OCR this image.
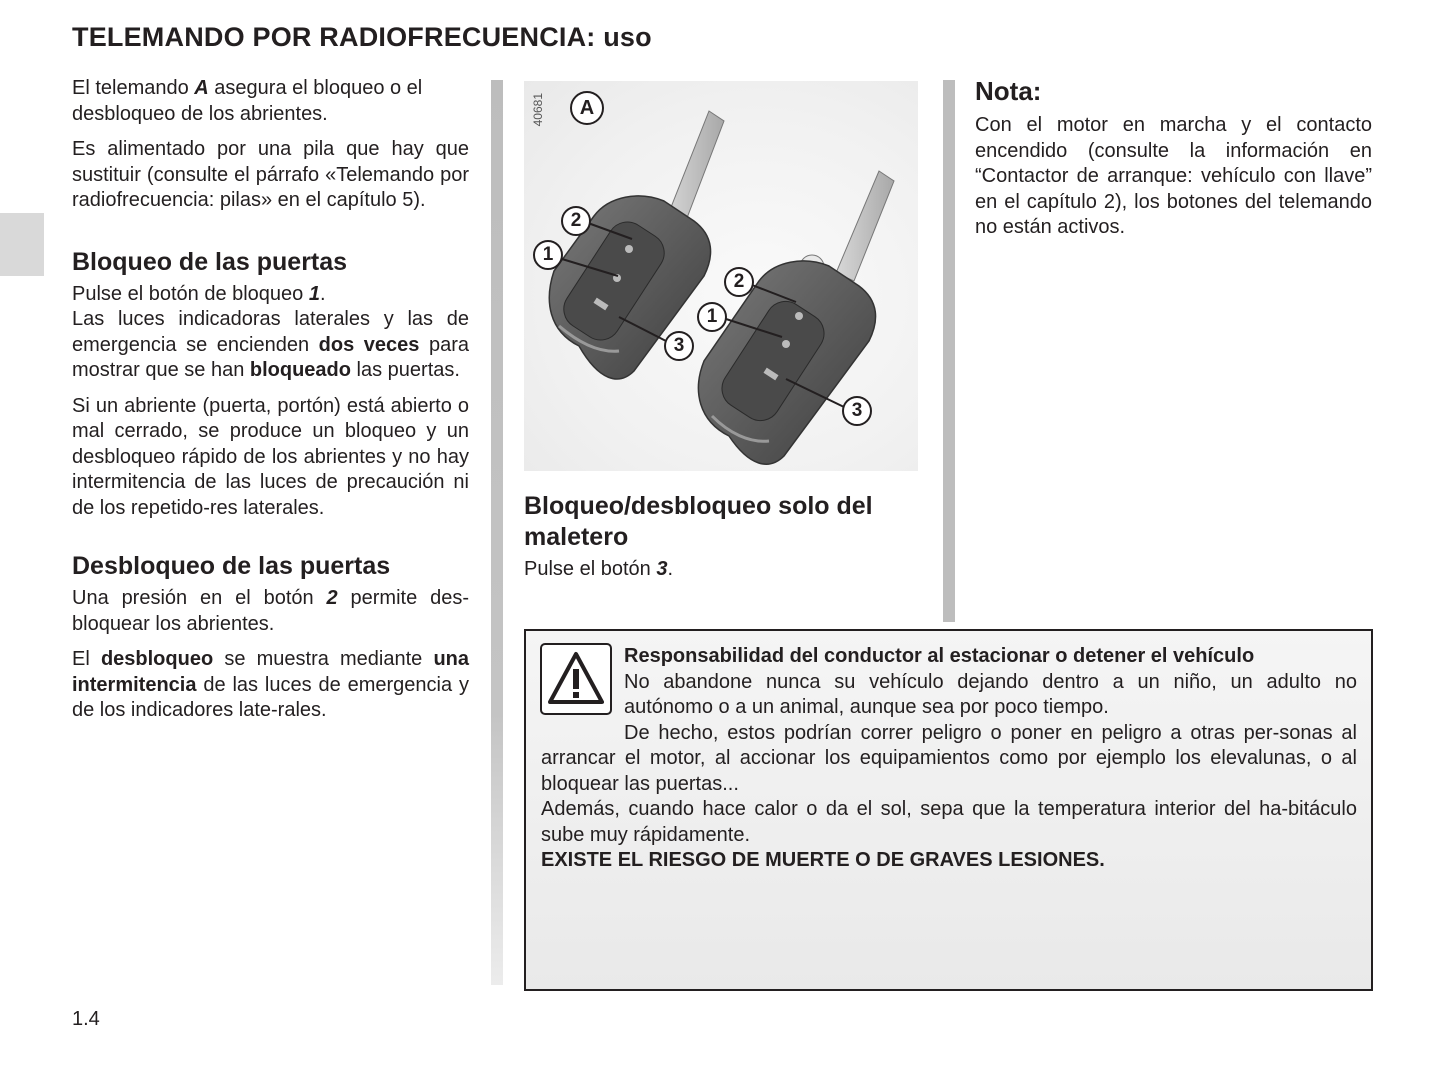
TELEMANDO POR RADIOFRECUENCIA: uso

El telemando A asegura el bloqueo o el desbloqueo de los abrientes.

Es alimentado por una pila que hay que sustituir (consulte el párrafo «Telemando por radiofrecuencia: pilas» en el capítulo 5).

Bloqueo de las puertas

Pulse el botón de bloqueo 1.

Las luces indicadoras laterales y las de emergencia se encienden dos veces para mostrar que se han bloqueado las puertas.

Si un abriente (puerta, portón) está abierto o mal cerrado, se produce un bloqueo y un desbloqueo rápido de los abrientes y no hay intermitencia de las luces de precaución ni de los repetido-res laterales.

Desbloqueo de las puertas

Una presión en el botón 2 permite des-bloquear los abrientes.

El desbloqueo se muestra mediante una intermitencia de las luces de emergencia y de los indicadores late-rales.

40681	A
2
1
3
2
1
3
Bloqueo/desbloqueo solo del maletero

Pulse el botón 3.

Nota:

Con el motor en marcha y el contacto encendido (consulte la información en “Contactor de arranque: vehículo con llave” en el capítulo 2), los botones del telemando no están activos.

Responsabilidad del conductor al estacionar o detener el vehículo
No abandone nunca su vehículo dejando dentro a un niño, un adulto no
autónomo o a un animal, aunque sea por poco tiempo.

De hecho, estos podrían correr peligro o poner en peligro a otras per-sonas al arrancar el motor, al accionar los equipamientos como por ejemplo los elevalunas, o al bloquear las puertas...

Además, cuando hace calor o da el sol, sepa que la temperatura interior del ha-bitáculo sube muy rápidamente.

EXISTE EL RIESGO DE MUERTE O DE GRAVES LESIONES.

1.4
